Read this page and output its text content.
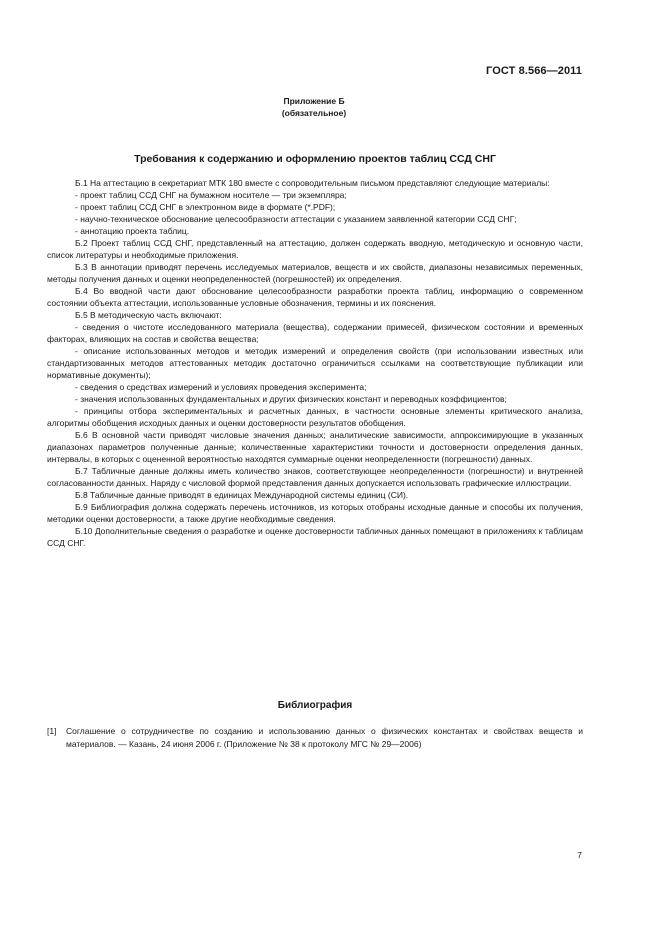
ГОСТ 8.566—2011
Приложение Б
(обязательное)
Требования к содержанию и оформлению проектов таблиц ССД СНГ

Б.1 На аттестацию в секретариат МТК 180 вместе с сопроводительным письмом представляют следующие материалы:

- проект таблиц ССД СНГ на бумажном носителе — три экземпляра;

- проект таблиц ССД СНГ в электронном виде в формате (*.PDF);

- научно-техническое обоснование целесообразности аттестации с указанием заявленной категории ССД СНГ;

- аннотацию проекта таблиц.

Б.2 Проект таблиц ССД СНГ, представленный на аттестацию, должен содержать вводную, методическую и основную части, список литературы и необходимые приложения.

Б.3 В аннотации приводят перечень исследуемых материалов, веществ и их свойств, диапазоны независимых переменных, методы получения данных и оценки неопределенностей (погрешностей) их определения.

Б.4 Во вводной части дают обоснование целесообразности разработки проекта таблиц, информацию о современном состоянии объекта аттестации, использованные условные обозначения, термины и их пояснения.

Б.5 В методическую часть включают:

- сведения о чистоте исследованного материала (вещества), содержании примесей, физическом состоянии и временных факторах, влияющих на состав и свойства вещества;

- описание использованных методов и методик измерений и определения свойств (при использовании известных или стандартизованных методов аттестованных методик достаточно ограничиться ссылками на соответствующие публикации или нормативные документы);

- сведения о средствах измерений и условиях проведения эксперимента;

- значения использованных фундаментальных и других физических констант и переводных коэффициентов;

- принципы отбора экспериментальных и расчетных данных, в частности основные элементы критического анализа, алгоритмы обобщения исходных данных и оценки достоверности результатов обобщения.

Б.6 В основной части приводят числовые значения данных; аналитические зависимости, аппроксимирующие в указанных диапазонах параметров полученные данные; количественные характеристики точности и достоверности определения данных, интервалы, в которых с оцененной вероятностью находятся суммарные оценки неопределенности (погрешности) данных.

Б.7 Табличные данные должны иметь количество знаков, соответствующее неопределенности (погрешности) и внутренней согласованности данных. Наряду с числовой формой представления данных допускается использовать графические иллюстрации.

Б.8 Табличные данные приводят в единицах Международной системы единиц (СИ).

Б.9 Библиография должна содержать перечень источников, из которых отобраны исходные данные и способы их получения, методики оценки достоверности, а также другие необходимые сведения.

Б.10 Дополнительные сведения о разработке и оценке достоверности табличных данных помещают в приложениях к таблицам ССД СНГ.

Библиография
[1]	Соглашение о сотрудничестве по созданию и использованию данных о физических константах и свойствах веществ и материалов. — Казань, 24 июня 2006 г. (Приложение № 38 к протоколу МГС № 29—2006)
7
